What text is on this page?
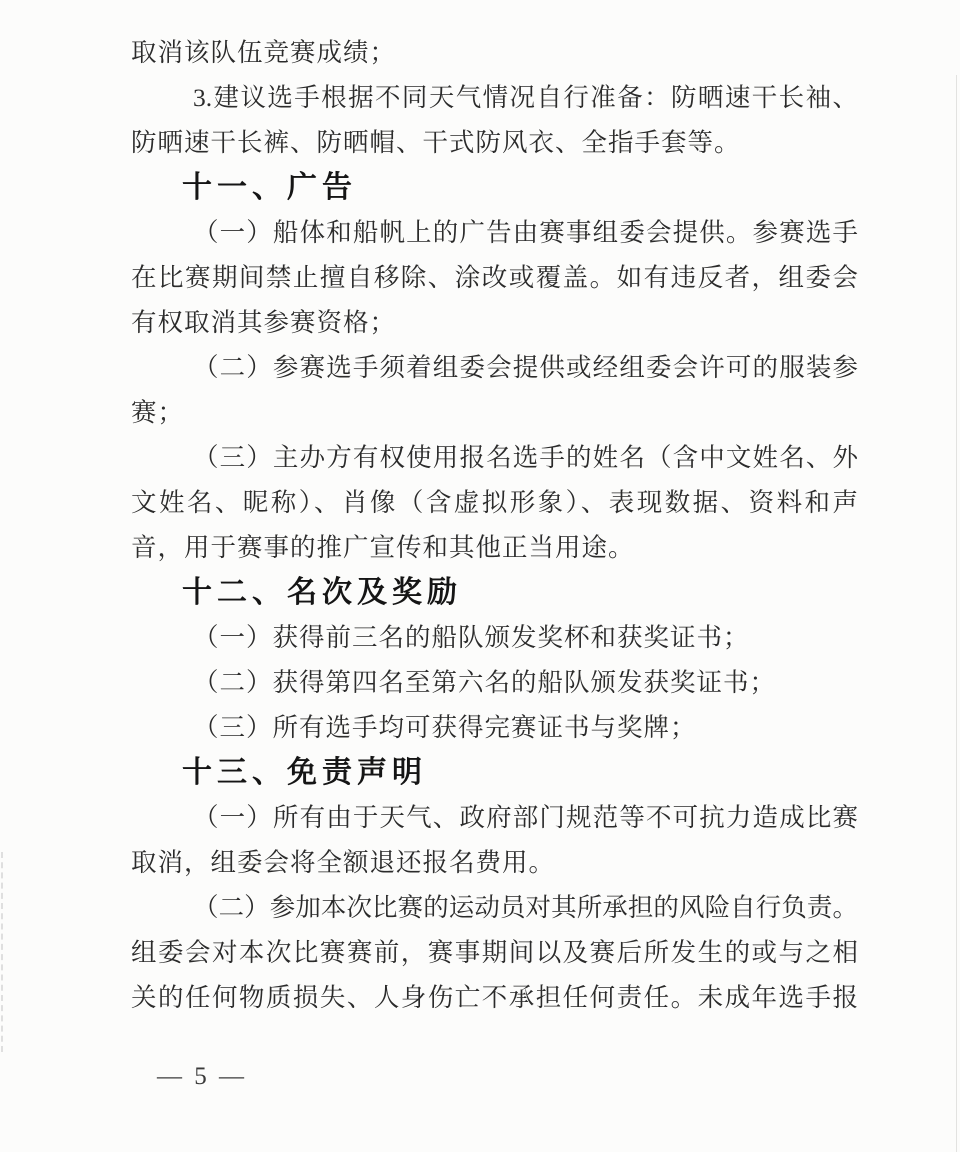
取消该队伍竞赛成绩；
3.建议选手根据不同天气情况自行准备：防晒速干长袖、
防晒速干长裤、防晒帽、干式防风衣、全指手套等。
十一、广告
（一）船体和船帆上的广告由赛事组委会提供。参赛选手
在比赛期间禁止擅自移除、涂改或覆盖。如有违反者，组委会
有权取消其参赛资格；
（二）参赛选手须着组委会提供或经组委会许可的服装参
赛；
（三）主办方有权使用报名选手的姓名（含中文姓名、外
文姓名、昵称）、肖像（含虚拟形象）、表现数据、资料和声
音，用于赛事的推广宣传和其他正当用途。
十二、名次及奖励
（一）获得前三名的船队颁发奖杯和获奖证书；
（二）获得第四名至第六名的船队颁发获奖证书；
（三）所有选手均可获得完赛证书与奖牌；
十三、免责声明
（一）所有由于天气、政府部门规范等不可抗力造成比赛
取消，组委会将全额退还报名费用。
（二）参加本次比赛的运动员对其所承担的风险自行负责。
组委会对本次比赛赛前，赛事期间以及赛后所发生的或与之相
关的任何物质损失、人身伤亡不承担任何责任。未成年选手报
— 5 —
